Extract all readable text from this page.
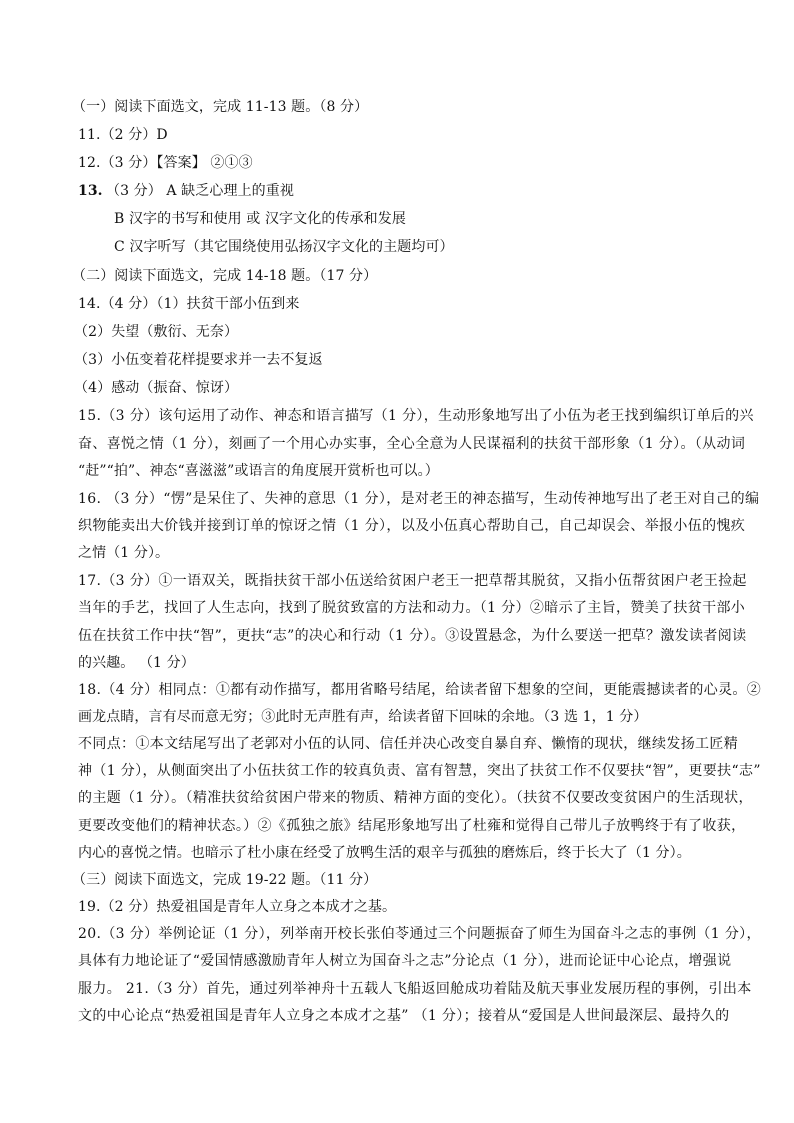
（一）阅读下面选文，完成 11-13 题。（8 分）
11.（2 分）D
12.（3 分）【答案】 ②①③
13. （3 分） A 缺乏心理上的重视
B 汉字的书写和使用 或 汉字文化的传承和发展
C 汉字听写（其它围绕使用弘扬汉字文化的主题均可）
（二）阅读下面选文，完成 14-18 题。（17 分）
14.（4 分）（1）扶贫干部小伍到来
（2）失望（敷衍、无奈）
（3）小伍变着花样提要求并一去不复返
（4）感动（振奋、惊讶）
15.（3 分）该句运用了动作、神态和语言描写（1 分），生动形象地写出了小伍为老王找到编织订单后的兴
奋、喜悦之情（1 分），刻画了一个用心办实事，全心全意为人民谋福利的扶贫干部形象（1 分）。（从动词
“赶”“拍”、神态“喜滋滋”或语言的角度展开赏析也可以。）
16. （3 分）“愣”是呆住了、失神的意思（1 分），是对老王的神态描写，生动传神地写出了老王对自己的编
织物能卖出大价钱并接到订单的惊讶之情（1 分），以及小伍真心帮助自己，自己却误会、举报小伍的愧疚
之情（1 分）。
17.（3 分）①一语双关，既指扶贫干部小伍送给贫困户老王一把草帮其脱贫，又指小伍帮贫困户老王捡起
当年的手艺，找回了人生志向，找到了脱贫致富的方法和动力。（1 分）②暗示了主旨，赞美了扶贫干部小
伍在扶贫工作中扶“智”，更扶“志”的决心和行动（1 分）。③设置悬念，为什么要送一把草？激发读者阅读
的兴趣。 （1 分）
18.（4 分）相同点：①都有动作描写，都用省略号结尾，给读者留下想象的空间，更能震撼读者的心灵。②
画龙点睛，言有尽而意无穷；③此时无声胜有声，给读者留下回味的余地。（3 选 1，1 分）
不同点：①本文结尾写出了老郭对小伍的认同、信任并决心改变自暴自弃、懒惰的现状，继续发扬工匠精
神（1 分），从侧面突出了小伍扶贫工作的较真负责、富有智慧，突出了扶贫工作不仅要扶“智”，更要扶“志”
的主题（1 分）。（精准扶贫给贫困户带来的物质、精神方面的变化）。（扶贫不仅要改变贫困户的生活现状，
更要改变他们的精神状态。）②《孤独之旅》结尾形象地写出了杜雍和觉得自己带儿子放鸭终于有了收获，
内心的喜悦之情。也暗示了杜小康在经受了放鸭生活的艰辛与孤独的磨炼后，终于长大了（1 分）。
（三）阅读下面选文，完成 19-22 题。（11 分）
19.（2 分）热爱祖国是青年人立身之本成才之基。
20.（3 分）举例论证（1 分），列举南开校长张伯苓通过三个问题振奋了师生为国奋斗之志的事例（1 分），
具体有力地论证了“爱国情感激励青年人树立为国奋斗之志”分论点（1 分），进而论证中心论点，增强说
服力。 21.（3 分）首先，通过列举神舟十五载人飞船返回舱成功着陆及航天事业发展历程的事例，引出本
文的中心论点“热爱祖国是青年人立身之本成才之基” （1 分）；接着从“爱国是人世间最深层、最持久的
